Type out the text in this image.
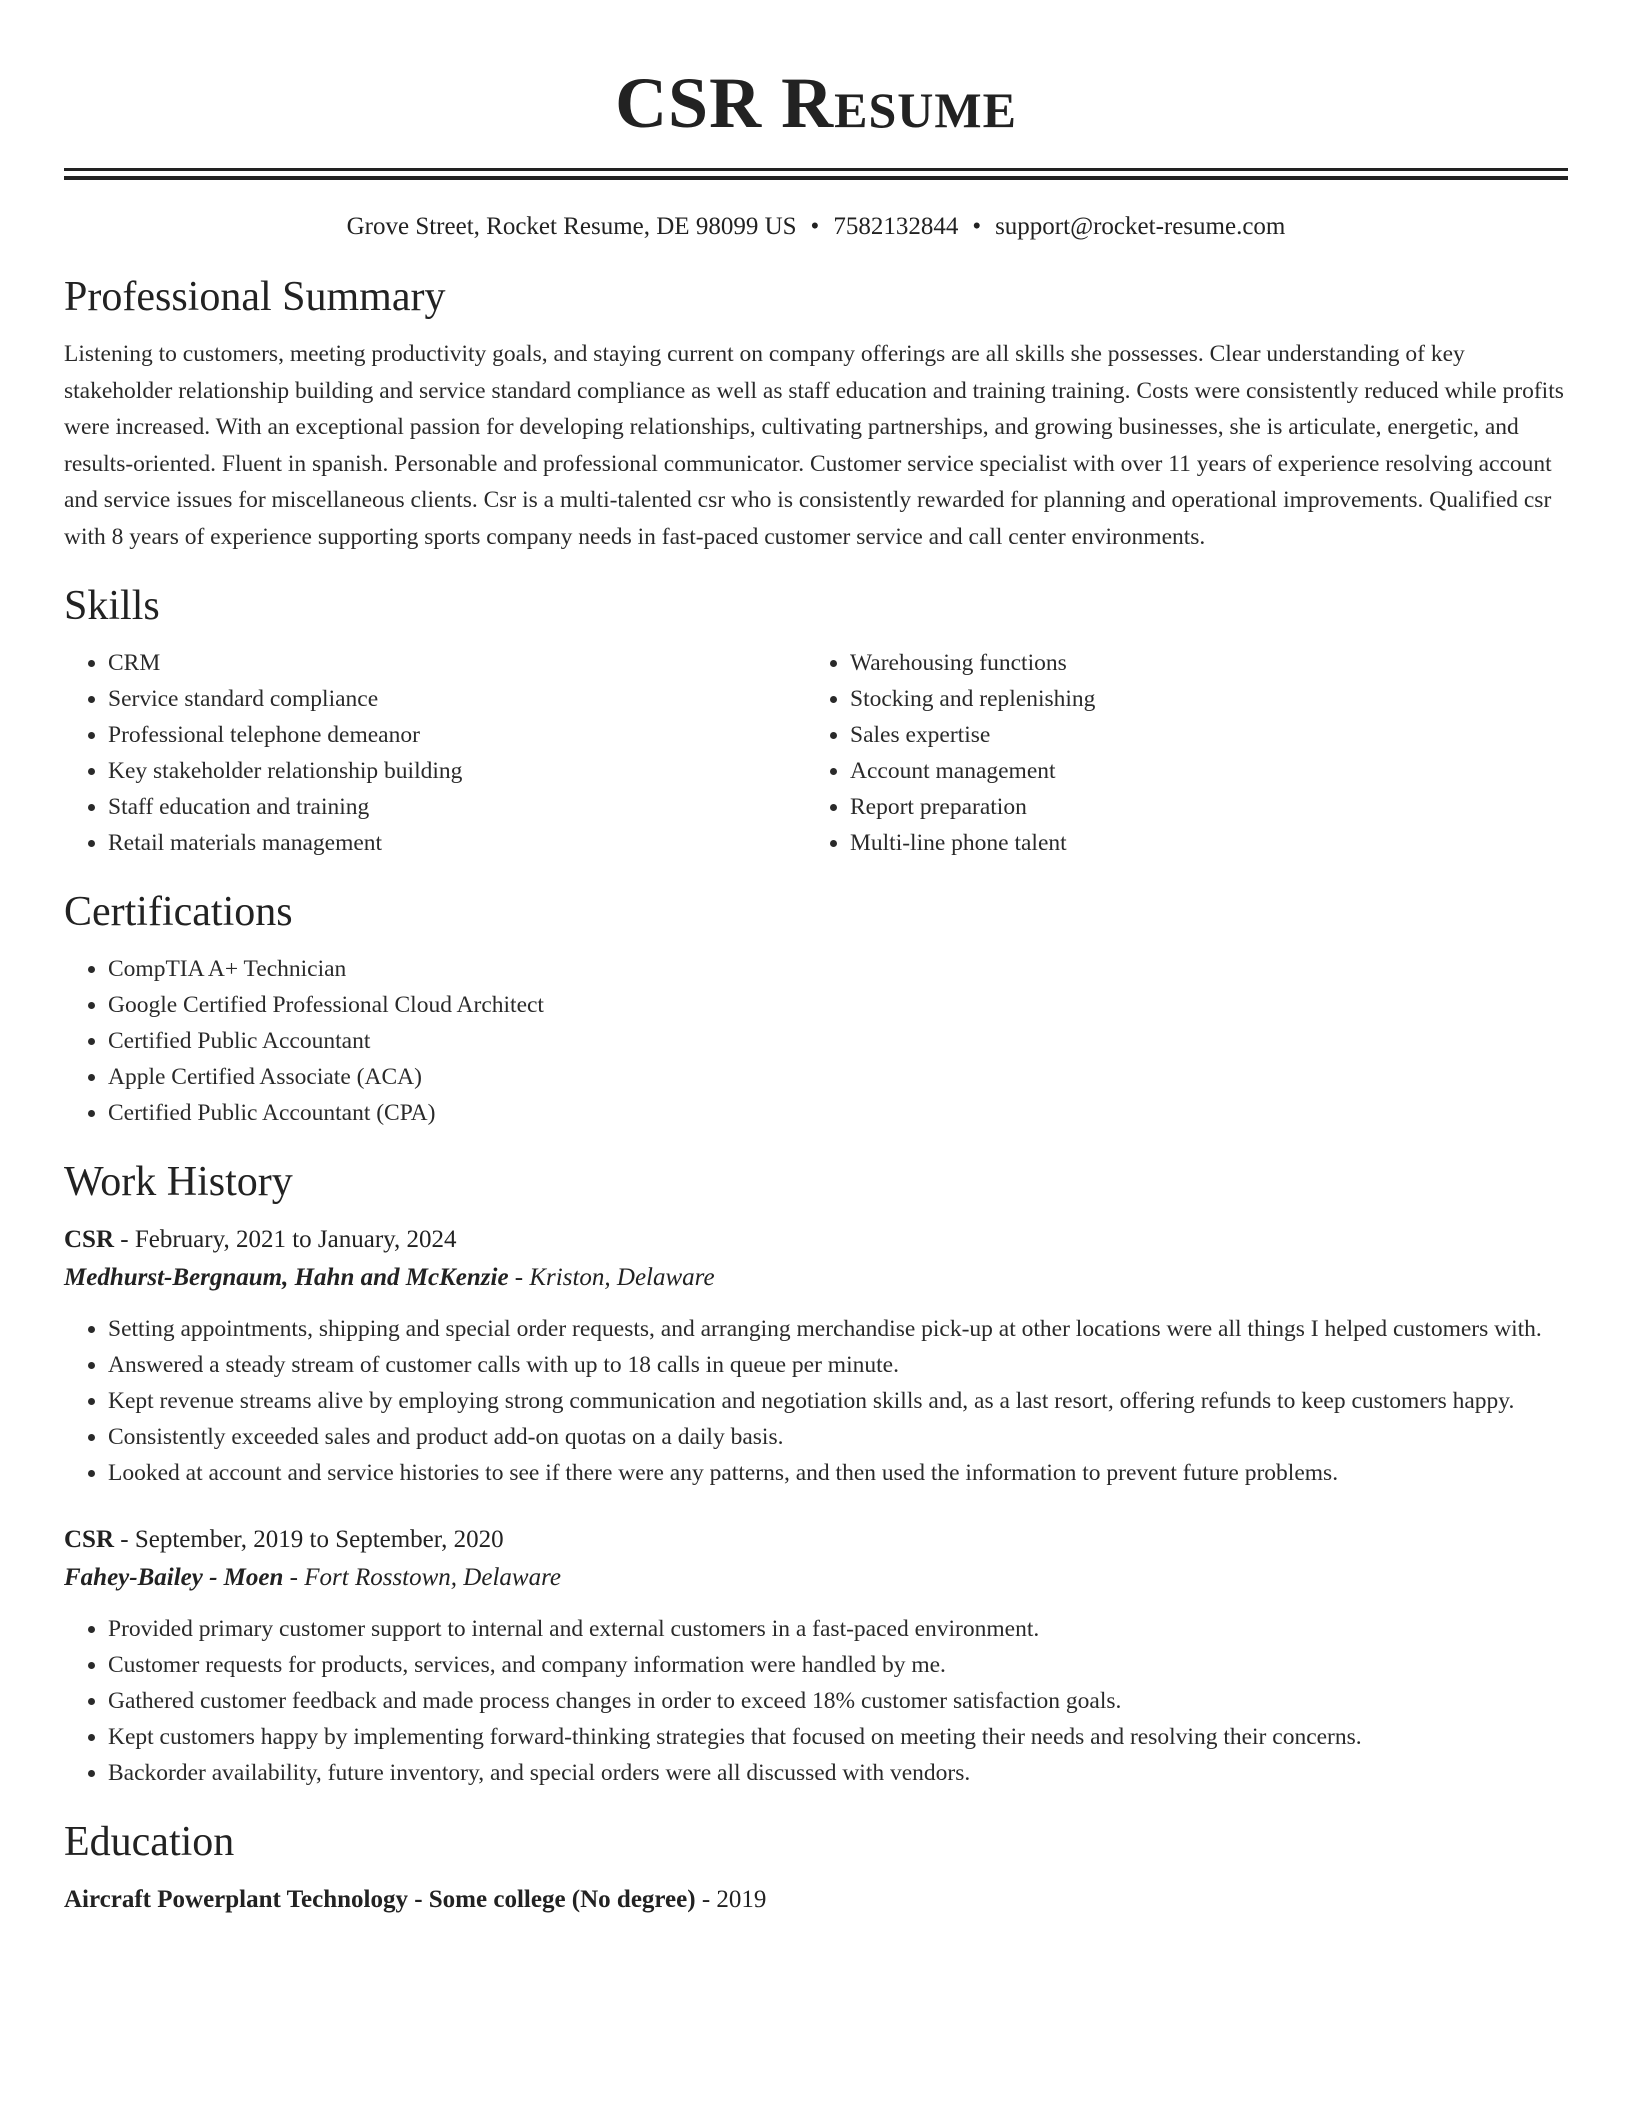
CSR Resume
Grove Street, Rocket Resume, DE 98099 US • 7582132844 • support@rocket-resume.com
Professional Summary

Listening to customers, meeting productivity goals, and staying current on company offerings are all skills she possesses. Clear understanding of key stakeholder relationship building and service standard compliance as well as staff education and training training. Costs were consistently reduced while profits were increased. With an exceptional passion for developing relationships, cultivating partnerships, and growing businesses, she is articulate, energetic, and results-oriented. Fluent in spanish. Personable and professional communicator. Customer service specialist with over 11 years of experience resolving account and service issues for miscellaneous clients. Csr is a multi-talented csr who is consistently rewarded for planning and operational improvements. Qualified csr with 8 years of experience supporting sports company needs in fast-paced customer service and call center environments.

Skills
• CRM
• Service standard compliance
• Professional telephone demeanor
• Key stakeholder relationship building
• Staff education and training
• Retail materials management
• Warehousing functions
• Stocking and replenishing
• Sales expertise
• Account management
• Report preparation
• Multi-line phone talent
Certifications
• CompTIA A+ Technician
• Google Certified Professional Cloud Architect
• Certified Public Accountant
• Apple Certified Associate (ACA)
• Certified Public Accountant (CPA)
Work History
CSR - February, 2021 to January, 2024
Medhurst-Bergnaum, Hahn and McKenzie - Kriston, Delaware
• Setting appointments, shipping and special order requests, and arranging merchandise pick-up at other locations were all things I helped customers with.
• Answered a steady stream of customer calls with up to 18 calls in queue per minute.
• Kept revenue streams alive by employing strong communication and negotiation skills and, as a last resort, offering refunds to keep customers happy.
• Consistently exceeded sales and product add-on quotas on a daily basis.
• Looked at account and service histories to see if there were any patterns, and then used the information to prevent future problems.
CSR - September, 2019 to September, 2020
Fahey-Bailey - Moen - Fort Rosstown, Delaware
• Provided primary customer support to internal and external customers in a fast-paced environment.
• Customer requests for products, services, and company information were handled by me.
• Gathered customer feedback and made process changes in order to exceed 18% customer satisfaction goals.
• Kept customers happy by implementing forward-thinking strategies that focused on meeting their needs and resolving their concerns.
• Backorder availability, future inventory, and special orders were all discussed with vendors.
Education
Aircraft Powerplant Technology - Some college (No degree) - 2019
